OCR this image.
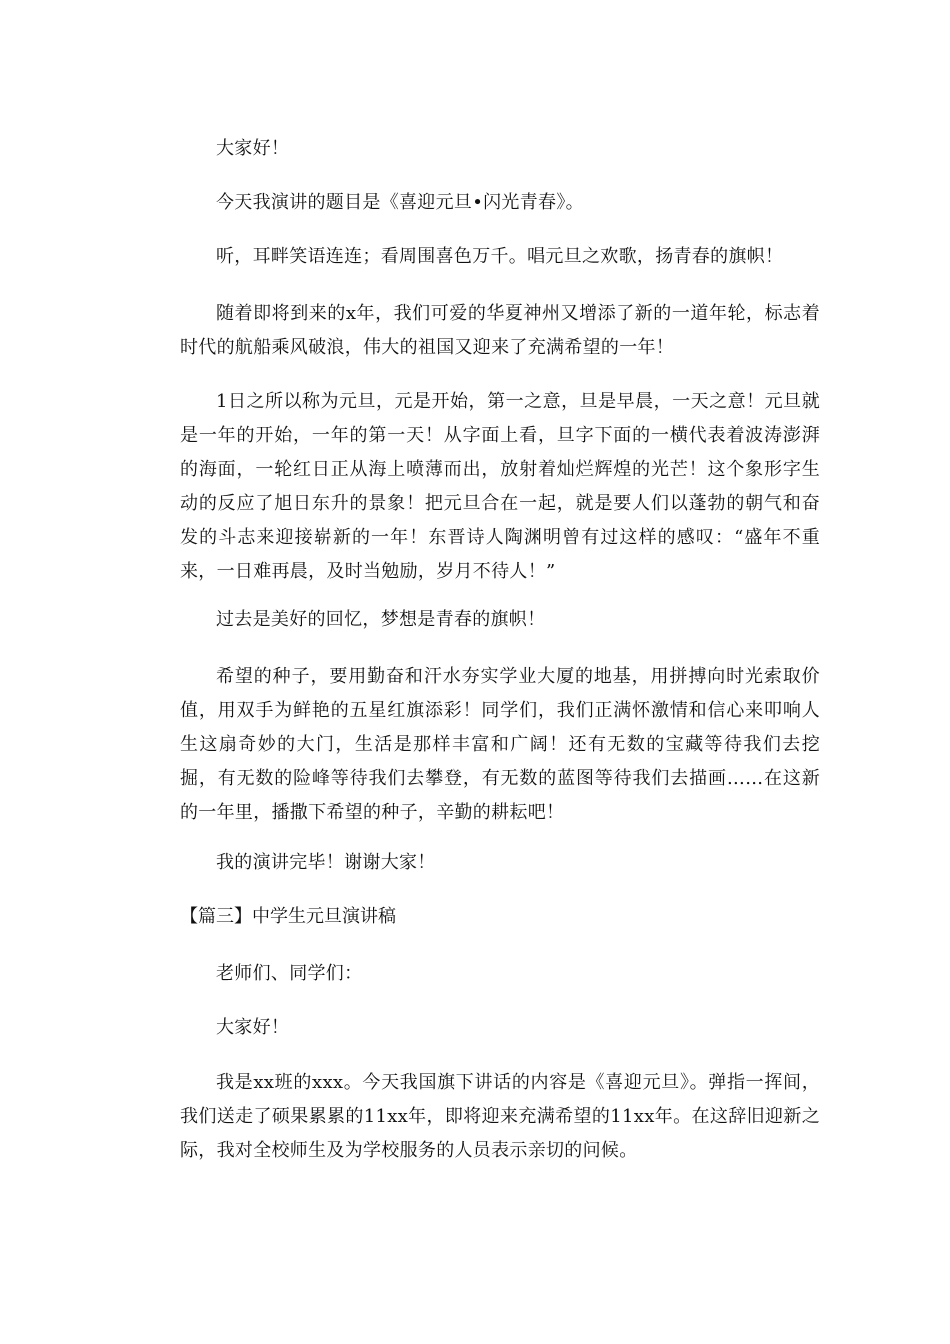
大家好！

今天我演讲的题目是《喜迎元旦•闪光青春》。

听，耳畔笑语连连；看周围喜色万千。唱元旦之欢歌，扬青春的旗帜！

随着即将到来的x年，我们可爱的华夏神州又增添了新的一道年轮，标志着时代的航船乘风破浪，伟大的祖国又迎来了充满希望的一年！

1日之所以称为元旦，元是开始，第一之意，旦是早晨，一天之意！元旦就是一年的开始，一年的第一天！从字面上看，旦字下面的一横代表着波涛澎湃的海面，一轮红日正从海上喷薄而出，放射着灿烂辉煌的光芒！这个象形字生动的反应了旭日东升的景象！把元旦合在一起，就是要人们以蓬勃的朝气和奋发的斗志来迎接崭新的一年！东晋诗人陶渊明曾有过这样的感叹：“盛年不重来，一日难再晨，及时当勉励，岁月不待人！”

过去是美好的回忆，梦想是青春的旗帜！

希望的种子，要用勤奋和汗水夯实学业大厦的地基，用拼搏向时光索取价值，用双手为鲜艳的五星红旗添彩！同学们，我们正满怀激情和信心来叩响人生这扇奇妙的大门，生活是那样丰富和广阔！还有无数的宝藏等待我们去挖掘，有无数的险峰等待我们去攀登，有无数的蓝图等待我们去描画……在这新的一年里，播撒下希望的种子，辛勤的耕耘吧！

我的演讲完毕！谢谢大家！

【篇三】中学生元旦演讲稿

老师们、同学们：

大家好！

我是xx班的xxx。今天我国旗下讲话的内容是《喜迎元旦》。弹指一挥间，我们送走了硕果累累的11xx年，即将迎来充满希望的11xx年。在这辞旧迎新之际，我对全校师生及为学校服务的人员表示亲切的问候。
